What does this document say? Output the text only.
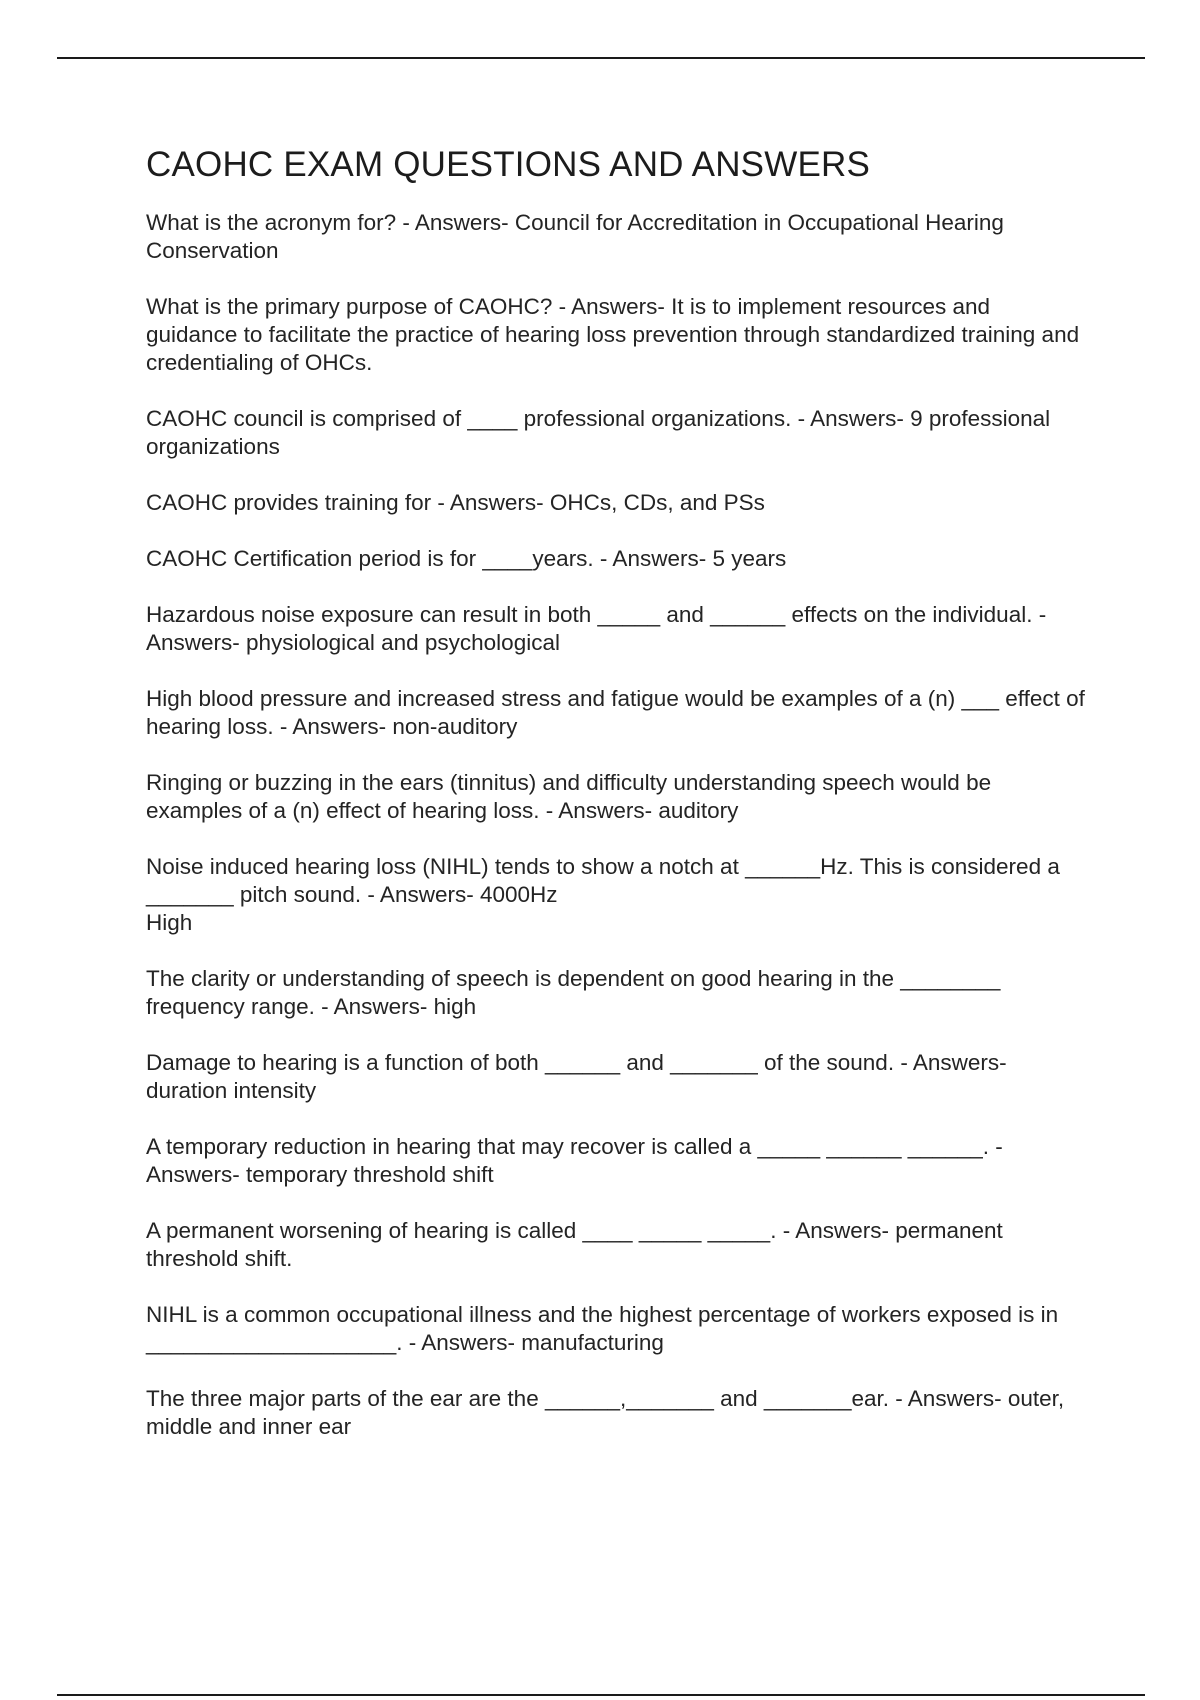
CAOHC EXAM QUESTIONS AND ANSWERS

What is the acronym for? - Answers- Council for Accreditation in Occupational Hearing Conservation

What is the primary purpose of CAOHC? - Answers- It is to implement resources and guidance to facilitate the practice of hearing loss prevention through standardized training and credentialing of OHCs.

CAOHC council is comprised of ____ professional organizations. - Answers- 9 professional organizations

CAOHC provides training for - Answers- OHCs, CDs, and PSs

CAOHC Certification period is for ____years. - Answers- 5 years

Hazardous noise exposure can result in both _____ and ______ effects on the individual. - Answers- physiological and psychological

High blood pressure and increased stress and fatigue would be examples of a (n) ___ effect of hearing loss. - Answers- non-auditory

Ringing or buzzing in the ears (tinnitus) and difficulty understanding speech would be examples of a (n) effect of hearing loss. - Answers- auditory

Noise induced hearing loss (NIHL) tends to show a notch at ______Hz. This is considered a _______ pitch sound. - Answers- 4000Hz
High

The clarity or understanding of speech is dependent on good hearing in the ________ frequency range. - Answers- high

Damage to hearing is a function of both ______ and _______ of the sound. - Answers- duration intensity

A temporary reduction in hearing that may recover is called a _____ ______ ______. - Answers- temporary threshold shift

A permanent worsening of hearing is called ____ _____ _____. - Answers- permanent threshold shift.

NIHL is a common occupational illness and the highest percentage of workers exposed is in ____________________. - Answers- manufacturing

The three major parts of the ear are the ______,_______ and _______ear. - Answers- outer, middle and inner ear
